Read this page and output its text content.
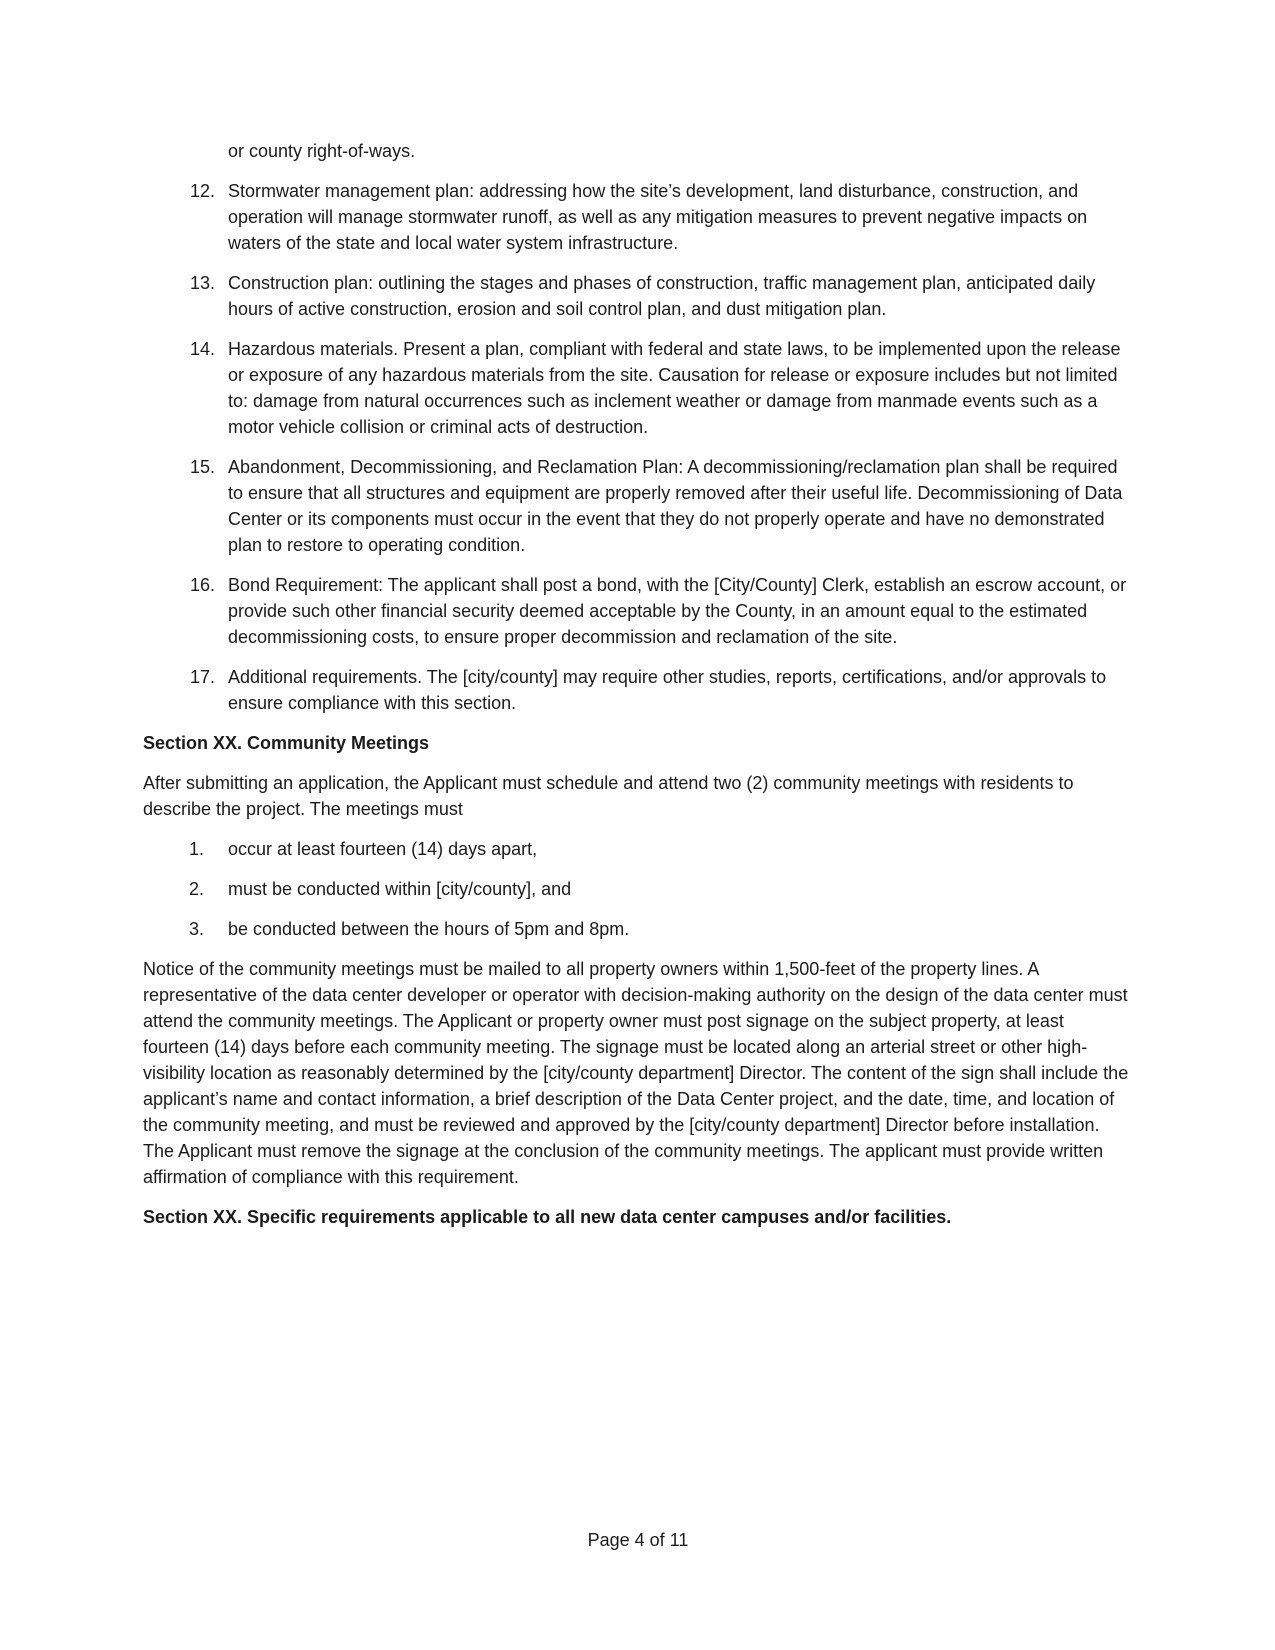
or county right-of-ways.

12. Stormwater management plan: addressing how the site’s development, land disturbance, construction, and operation will manage stormwater runoff, as well as any mitigation measures to prevent negative impacts on waters of the state and local water system infrastructure.
13. Construction plan: outlining the stages and phases of construction, traffic management plan, anticipated daily hours of active construction, erosion and soil control plan, and dust mitigation plan.
14. Hazardous materials. Present a plan, compliant with federal and state laws, to be implemented upon the release or exposure of any hazardous materials from the site. Causation for release or exposure includes but not limited to: damage from natural occurrences such as inclement weather or damage from manmade events such as a motor vehicle collision or criminal acts of destruction.
15. Abandonment, Decommissioning, and Reclamation Plan: A decommissioning/reclamation plan shall be required to ensure that all structures and equipment are properly removed after their useful life. Decommissioning of Data Center or its components must occur in the event that they do not properly operate and have no demonstrated plan to restore to operating condition.
16. Bond Requirement: The applicant shall post a bond, with the [City/County] Clerk, establish an escrow account, or provide such other financial security deemed acceptable by the County, in an amount equal to the estimated decommissioning costs, to ensure proper decommission and reclamation of the site.
17. Additional requirements. The [city/county] may require other studies, reports, certifications, and/or approvals to ensure compliance with this section.

Section XX. Community Meetings

After submitting an application, the Applicant must schedule and attend two (2) community meetings with residents to describe the project. The meetings must

1. occur at least fourteen (14) days apart,
2. must be conducted within [city/county], and
3. be conducted between the hours of 5pm and 8pm.

Notice of the community meetings must be mailed to all property owners within 1,500-feet of the property lines. A representative of the data center developer or operator with decision-making authority on the design of the data center must attend the community meetings. The Applicant or property owner must post signage on the subject property, at least fourteen (14) days before each community meeting. The signage must be located along an arterial street or other high-visibility location as reasonably determined by the [city/county department] Director. The content of the sign shall include the applicant’s name and contact information, a brief description of the Data Center project, and the date, time, and location of the community meeting, and must be reviewed and approved by the [city/county department] Director before installation. The Applicant must remove the signage at the conclusion of the community meetings. The applicant must provide written affirmation of compliance with this requirement.

Section XX. Specific requirements applicable to all new data center campuses and/or facilities.

Page 4 of 11
